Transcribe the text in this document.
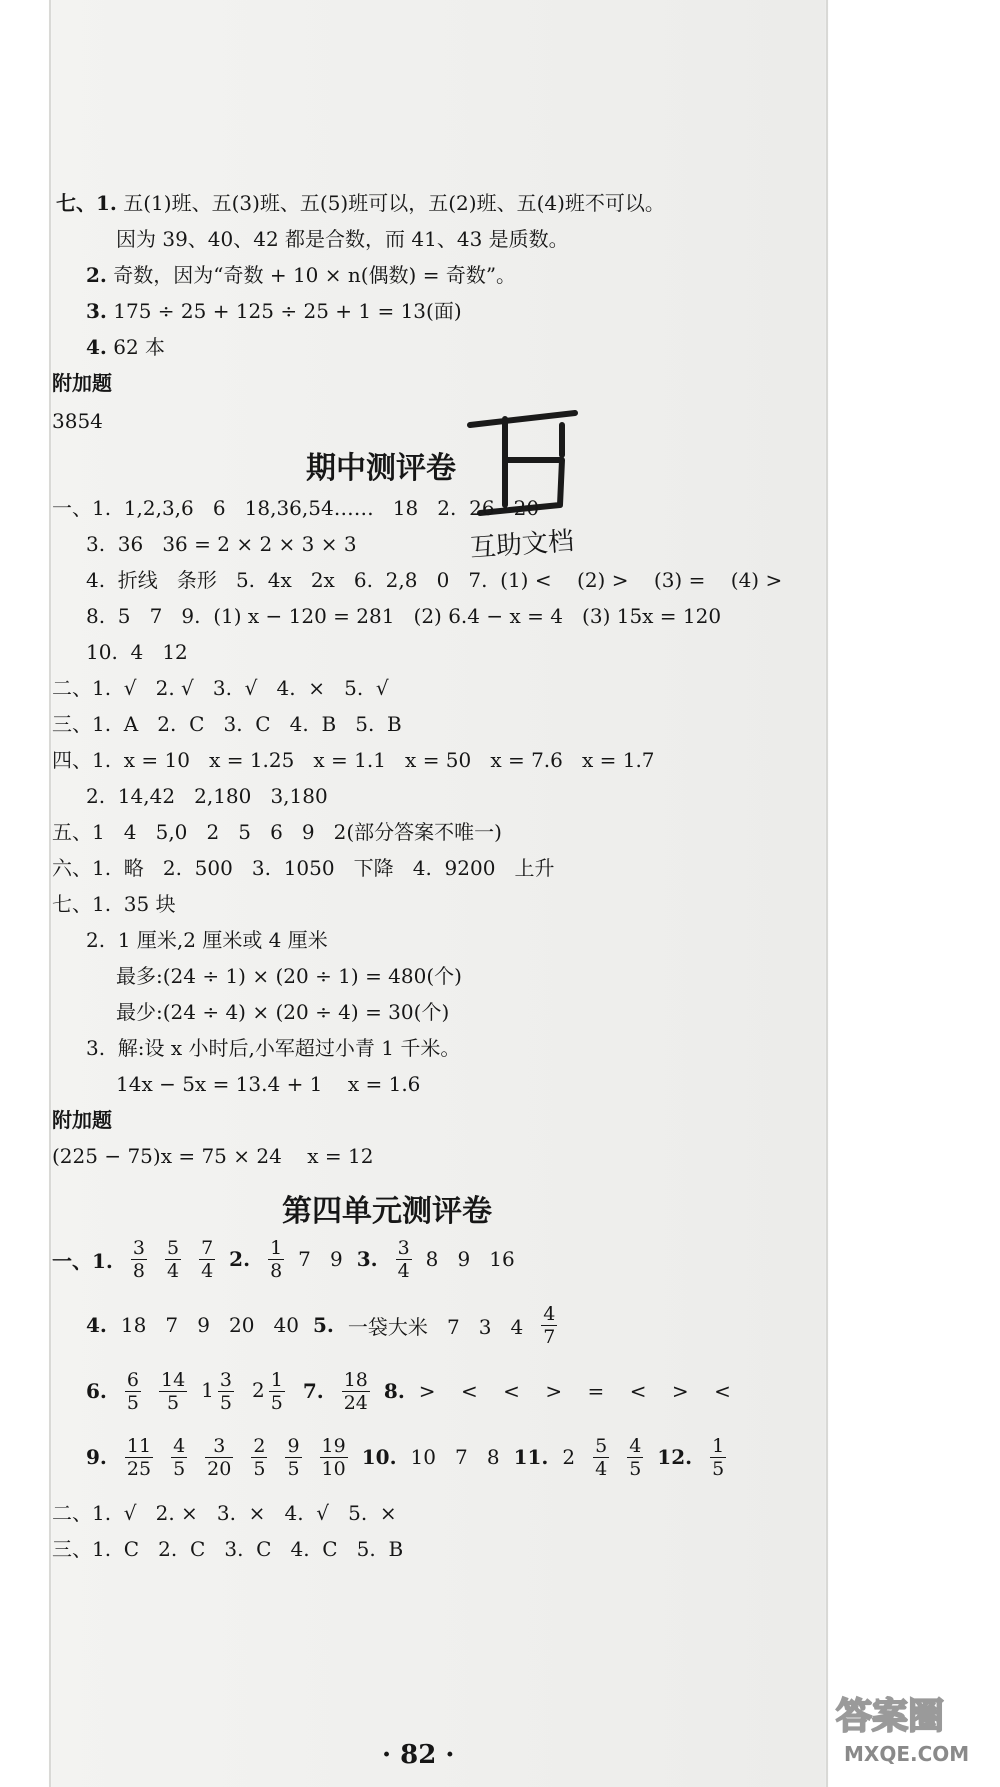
七、1. 五(1)班、五(3)班、五(5)班可以，五(2)班、五(4)班不可以。
因为 39、40、42 都是合数，而 41、43 是质数。
2. 奇数，因为“奇数 + 10 × n(偶数) = 奇数”。
3. 175 ÷ 25 + 125 ÷ 25 + 1 = 13(面)
4. 62 本
附加题
3854
期中测评卷
互助文档
一、1.  1,2,3,6   6   18,36,54……   18   2.  26   20
3.  36   36 = 2 × 2 × 3 × 3
4.  折线   条形   5.  4x   2x   6.  2,8   0   7.  (1) <    (2) >    (3) =    (4) >
8.  5   7   9.  (1) x − 120 = 281   (2) 6.4 − x = 4   (3) 15x = 120
10.  4   12
二、1.  √   2. √   3.  √   4.  ×   5.  √
三、1.  A   2.  C   3.  C   4.  B   5.  B
四、1.  x = 10   x = 1.25   x = 1.1   x = 50   x = 7.6   x = 1.7
2.  14,42   2,180   3,180
五、1   4   5,0   2   5   6   9   2(部分答案不唯一)
六、1.  略   2.  500   3.  1050   下降   4.  9200   上升
七、1.  35 块
2.  1 厘米,2 厘米或 4 厘米
最多:(24 ÷ 1) × (20 ÷ 1) = 480(个)
最少:(24 ÷ 4) × (20 ÷ 4) = 30(个)
3.  解:设 x 小时后,小军超过小青 1 千米。
14x − 5x = 13.4 + 1    x = 1.6
附加题
(225 − 75)x = 75 × 24    x = 12
第四单元测评卷
一、1. $\frac{3}{8} \frac{5}{4} \frac{7}{4} 2$. $\frac{1}{8} 7$   9 3. $\frac{3}{4} 8$   9   16
4. 18   7   9   20   40 5. 一袋大米   7   3   $4 \frac{4}{7}$
6. $\frac{6}{5} \frac{14}{5} 1 \frac{3}{5} 2 \frac{1}{5} 7$. $\frac{18}{24} 8$. >    <    <    >    =    <    >    <
9. $\frac{11}{25} \frac{4}{5} \frac{3}{20} \frac{2}{5} \frac{9}{5} \frac{19}{10} 10$. 10   7   8 11. $2 \frac{5}{4} \frac{4}{5} 12$. $\frac{1}{5}$
二、1.  √   2. ×   3.  ×   4.  √   5.  ×
三、1.  C   2.  C   3.  C   4.  C   5.  B
· 82 ·
答案圈
MXQE.COM
